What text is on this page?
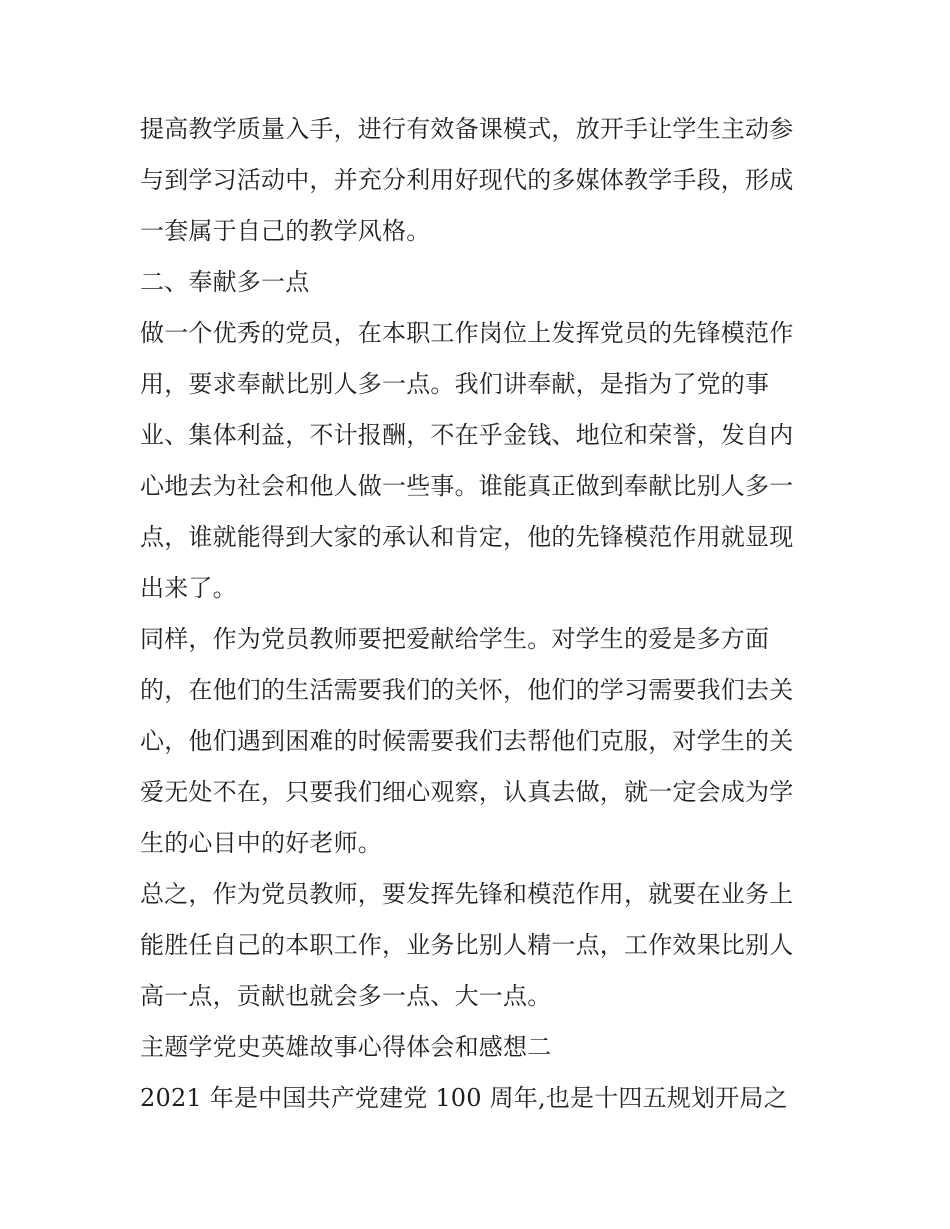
提高教学质量入手，进行有效备课模式，放开手让学生主动参
与到学习活动中，并充分利用好现代的多媒体教学手段，形成
一套属于自己的教学风格。
二、奉献多一点
做一个优秀的党员，在本职工作岗位上发挥党员的先锋模范作
用，要求奉献比别人多一点。我们讲奉献，是指为了党的事
业、集体利益，不计报酬，不在乎金钱、地位和荣誉，发自内
心地去为社会和他人做一些事。谁能真正做到奉献比别人多一
点，谁就能得到大家的承认和肯定，他的先锋模范作用就显现
出来了。
同样，作为党员教师要把爱献给学生。对学生的爱是多方面
的，在他们的生活需要我们的关怀，他们的学习需要我们去关
心，他们遇到困难的时候需要我们去帮他们克服，对学生的关
爱无处不在，只要我们细心观察，认真去做，就一定会成为学
生的心目中的好老师。
总之，作为党员教师，要发挥先锋和模范作用，就要在业务上
能胜任自己的本职工作，业务比别人精一点，工作效果比别人
高一点，贡献也就会多一点、大一点。
主题学党史英雄故事心得体会和感想二
2021 年是中国共产党建党 100 周年,也是十四五规划开局之
